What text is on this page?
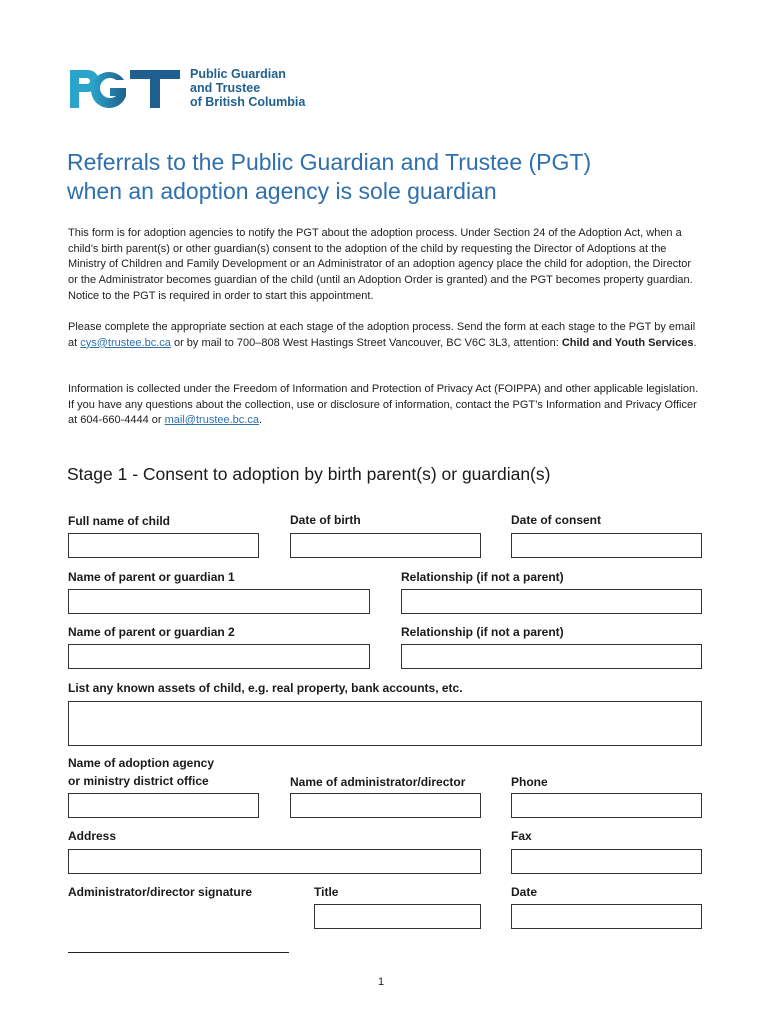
Public Guardian
and Trustee
of British Columbia
Referrals to the Public Guardian and Trustee (PGT)
when an adoption agency is sole guardian
This form is for adoption agencies to notify the PGT about the adoption process. Under Section 24 of the Adoption Act, when a child’s birth parent(s) or other guardian(s) consent to the adoption of the child by requesting the Director of Adoptions at the Ministry of Children and Family Development or an Administrator of an adoption agency place the child for adoption, the Director or the Administrator becomes guardian of the child (until an Adoption Order is granted) and the PGT becomes property guardian. Notice to the PGT is required in order to start this appointment.
Please complete the appropriate section at each stage of the adoption process. Send the form at each stage to the PGT by email at cys@trustee.bc.ca or by mail to 700–808 West Hastings Street Vancouver, BC V6C 3L3, attention: Child and Youth Services.
Information is collected under the Freedom of Information and Protection of Privacy Act (FOIPPA) and other applicable legislation. If you have any questions about the collection, use or disclosure of information, contact the PGT’s Information and Privacy Officer at 604-660-4444 or mail@trustee.bc.ca.
Stage 1 - Consent to adoption by birth parent(s) or guardian(s)
Full name of child	Date of birth	Date of consent
Name of parent or guardian 1	Relationship (if not a parent)
Name of parent or guardian 2	Relationship (if not a parent)
List any known assets of child, e.g. real property, bank accounts, etc.
Name of adoption agency
or ministry district office	Name of administrator/director	Phone
Address	Fax
Administrator/director signature	Title	Date
1
